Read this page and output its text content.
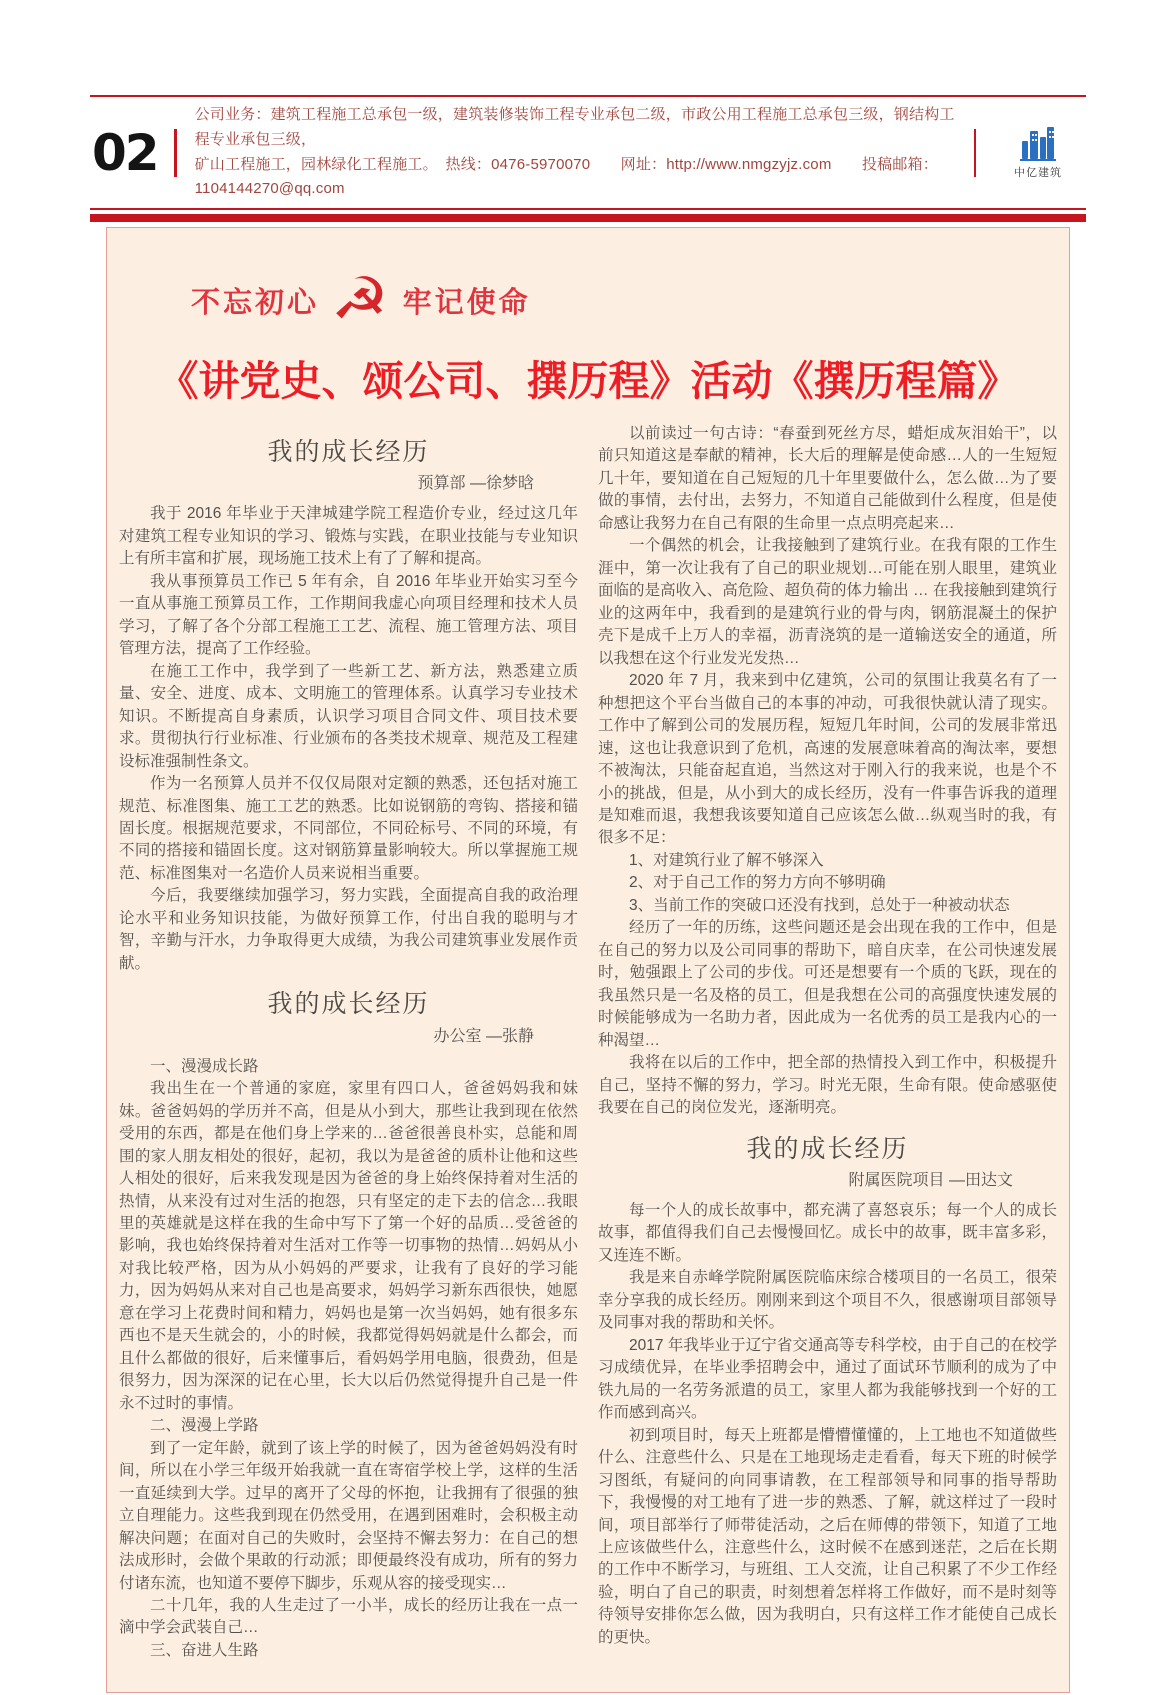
02
公司业务：建筑工程施工总承包一级，建筑装修装饰工程专业承包二级，市政公用工程施工总承包三级，钢结构工程专业承包三级，
矿山工程施工，园林绿化工程施工。　热线：0476-5970070　　网址：http://www.nmgzyjz.com　　投稿邮箱：1104144270@qq.com
中亿建筑
不忘初心 ☭ 牢记使命
《讲党史、颂公司、撰历程》活动《撰历程篇》
我的成长经历
预算部 —徐梦晗
我于 2016 年毕业于天津城建学院工程造价专业，经过这几年对建筑工程专业知识的学习、锻炼与实践，在职业技能与专业知识上有所丰富和扩展，现场施工技术上有了了解和提高。
我从事预算员工作已 5 年有余，自 2016 年毕业开始实习至今一直从事施工预算员工作，工作期间我虚心向项目经理和技术人员学习，了解了各个分部工程施工工艺、流程、施工管理方法、项目管理方法，提高了工作经验。
在施工工作中，我学到了一些新工艺、新方法，熟悉建立质量、安全、进度、成本、文明施工的管理体系。认真学习专业技术知识。不断提高自身素质，认识学习项目合同文件、项目技术要求。贯彻执行行业标准、行业颁布的各类技术规章、规范及工程建设标准强制性条文。
作为一名预算人员并不仅仅局限对定额的熟悉，还包括对施工规范、标准图集、施工工艺的熟悉。比如说钢筋的弯钩、搭接和锚固长度。根据规范要求，不同部位，不同砼标号、不同的环境，有不同的搭接和锚固长度。这对钢筋算量影响较大。所以掌握施工规范、标准图集对一名造价人员来说相当重要。
今后，我要继续加强学习，努力实践，全面提高自我的政治理论水平和业务知识技能，为做好预算工作，付出自我的聪明与才智，辛勤与汗水，力争取得更大成绩，为我公司建筑事业发展作贡献。
我的成长经历
办公室 —张静
一、漫漫成长路
我出生在一个普通的家庭，家里有四口人，爸爸妈妈我和妹妹。爸爸妈妈的学历并不高，但是从小到大，那些让我到现在依然受用的东西，都是在他们身上学来的…爸爸很善良朴实，总能和周围的家人朋友相处的很好，起初，我以为是爸爸的质朴让他和这些人相处的很好，后来我发现是因为爸爸的身上始终保持着对生活的热情，从来没有过对生活的抱怨，只有坚定的走下去的信念…我眼里的英雄就是这样在我的生命中写下了第一个好的品质…受爸爸的影响，我也始终保持着对生活对工作等一切事物的热情…妈妈从小对我比较严格，因为从小妈妈的严要求，让我有了良好的学习能力，因为妈妈从来对自己也是高要求，妈妈学习新东西很快，她愿意在学习上花费时间和精力，妈妈也是第一次当妈妈，她有很多东西也不是天生就会的，小的时候，我都觉得妈妈就是什么都会，而且什么都做的很好，后来懂事后，看妈妈学用电脑，很费劲，但是很努力，因为深深的记在心里，长大以后仍然觉得提升自己是一件永不过时的事情。
二、漫漫上学路
到了一定年龄，就到了该上学的时候了，因为爸爸妈妈没有时间，所以在小学三年级开始我就一直在寄宿学校上学，这样的生活一直延续到大学。过早的离开了父母的怀抱，让我拥有了很强的独立自理能力。这些我到现在仍然受用，在遇到困难时，会积极主动解决问题；在面对自己的失败时，会坚持不懈去努力：在自己的想法成形时，会做个果敢的行动派；即便最终没有成功，所有的努力付诸东流，也知道不要停下脚步，乐观从容的接受现实…
二十几年，我的人生走过了一小半，成长的经历让我在一点一滴中学会武装自己…
三、奋进人生路
以前读过一句古诗：“春蚕到死丝方尽，蜡炬成灰泪始干”，以前只知道这是奉献的精神，长大后的理解是使命感…人的一生短短几十年，要知道在自己短短的几十年里要做什么，怎么做…为了要做的事情，去付出，去努力，不知道自己能做到什么程度，但是使命感让我努力在自己有限的生命里一点点明亮起来…
一个偶然的机会，让我接触到了建筑行业。在我有限的工作生涯中，第一次让我有了自己的职业规划…可能在别人眼里，建筑业面临的是高收入、高危险、超负荷的体力输出 … 在我接触到建筑行业的这两年中，我看到的是建筑行业的骨与肉，钢筋混凝土的保护壳下是成千上万人的幸福，沥青浇筑的是一道输送安全的通道，所以我想在这个行业发光发热…
2020 年 7 月，我来到中亿建筑，公司的氛围让我莫名有了一种想把这个平台当做自己的本事的冲动，可我很快就认清了现实。工作中了解到公司的发展历程，短短几年时间，公司的发展非常迅速，这也让我意识到了危机，高速的发展意味着高的淘汰率，要想不被淘汰，只能奋起直追，当然这对于刚入行的我来说，也是个不小的挑战，但是，从小到大的成长经历，没有一件事告诉我的道理是知难而退，我想我该要知道自己应该怎么做…纵观当时的我，有很多不足：
1、对建筑行业了解不够深入
2、对于自己工作的努力方向不够明确
3、当前工作的突破口还没有找到，总处于一种被动状态
经历了一年的历练，这些问题还是会出现在我的工作中，但是在自己的努力以及公司同事的帮助下，暗自庆幸，在公司快速发展时，勉强跟上了公司的步伐。可还是想要有一个质的飞跃，现在的我虽然只是一名及格的员工，但是我想在公司的高强度快速发展的时候能够成为一名助力者，因此成为一名优秀的员工是我内心的一种渴望…
我将在以后的工作中，把全部的热情投入到工作中，积极提升自己，坚持不懈的努力，学习。时光无限，生命有限。使命感驱使我要在自己的岗位发光，逐渐明亮。
我的成长经历
附属医院项目 —田达文
每一个人的成长故事中，都充满了喜怒哀乐；每一个人的成长故事，都值得我们自己去慢慢回忆。成长中的故事，既丰富多彩，又连连不断。
我是来自赤峰学院附属医院临床综合楼项目的一名员工，很荣幸分享我的成长经历。刚刚来到这个项目不久，很感谢项目部领导及同事对我的帮助和关怀。
2017 年我毕业于辽宁省交通高等专科学校，由于自己的在校学习成绩优异，在毕业季招聘会中，通过了面试环节顺利的成为了中铁九局的一名劳务派遣的员工，家里人都为我能够找到一个好的工作而感到高兴。
初到项目时，每天上班都是懵懵懂懂的，上工地也不知道做些什么、注意些什么、只是在工地现场走走看看，每天下班的时候学习图纸，有疑问的向同事请教，在工程部领导和同事的指导帮助下，我慢慢的对工地有了进一步的熟悉、了解，就这样过了一段时间，项目部举行了师带徒活动，之后在师傅的带领下，知道了工地上应该做些什么，注意些什么，这时候不在感到迷茫，之后在长期的工作中不断学习，与班组、工人交流，让自己积累了不少工作经验，明白了自己的职责，时刻想着怎样将工作做好，而不是时刻等待领导安排你怎么做，因为我明白，只有这样工作才能使自己成长的更快。
